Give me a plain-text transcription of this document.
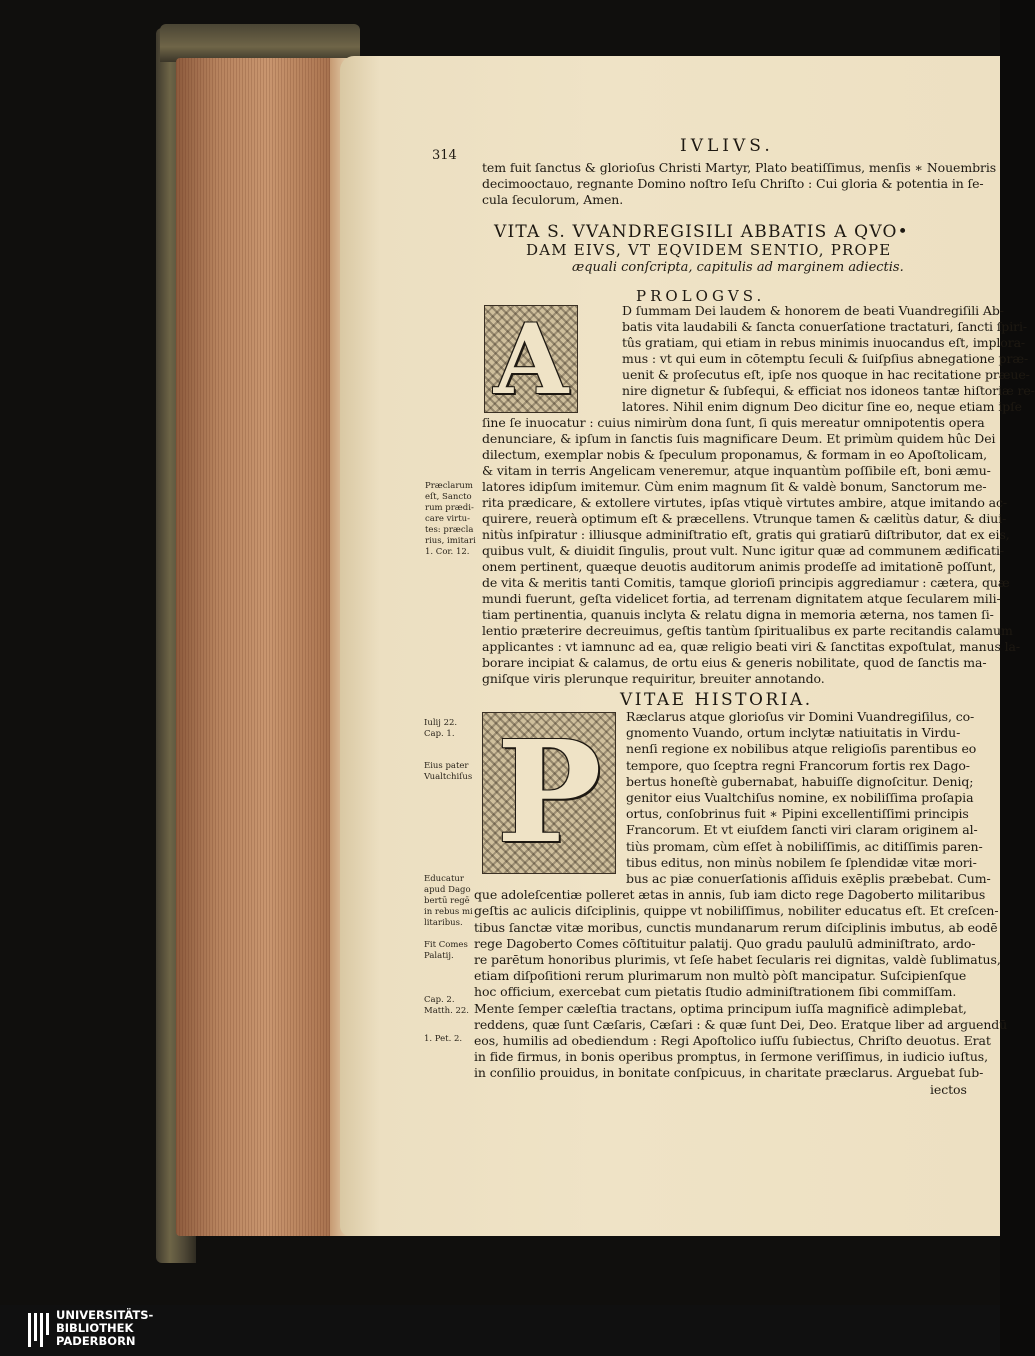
314	IVLIVS.
tem fuit ſanctus & glorioſus Christi Martyr, Plato beatiſſimus, menſis ∗ Nouembris
decimooctauo, regnante Domino noſtro Ieſu Chriſto : Cui gloria & potentia in ſe-
cula ſeculorum, Amen.
VITA S. VVANDREGISILI ABBATIS A QVO•
DAM EIVS, VT EQVIDEM SENTIO, PROPE
æquali conſcripta, capitulis ad marginem adiectis.
PROLOGVS.
A	D ſummam Dei laudem & honorem de beati Vuandregiſili Ab-
batis vita laudabili & ſancta conuerſatione tractaturi, ſancti ſpiri-
tûs gratiam, qui etiam in rebus minimis inuocandus eſt, implora-
mus : vt qui eum in cōtemptu ſeculi & ſuiſpſius abnegatione præ-
uenit & proſecutus eſt, ipſe nos quoque in hac recitatione præue-
nire dignetur & ſubſequi, & efficiat nos idoneos tantæ hiſtoriæ re-
latores. Nihil enim dignum Deo dicitur ſine eo, neque etiam ipſe
ſine ſe inuocatur : cuius nimirùm dona ſunt, ſi quis mereatur omnipotentis opera
denunciare, & ipſum in ſanctis ſuis magnificare Deum. Et primùm quidem hûc Dei
dilectum, exemplar nobis & ſpeculum proponamus, & formam in eo Apoſtolicam,
& vitam in terris Angelicam veneremur, atque inquantùm poſſibile eſt, boni æmu-
latores idipſum imitemur. Cùm enim magnum ſit & valdè bonum, Sanctorum me-
rita prædicare, & extollere virtutes, ipſas vtiquè virtutes ambire, atque imitando ac-
quirere, reuerà optimum eſt & præcellens. Vtrunque tamen & cælitùs datur, & diui-
nitùs inſpiratur : illiusque adminiſtratio eſt, gratis qui gratiarū diſtributor, dat ex eis,
quibus vult, & diuidit ſingulis, prout vult. Nunc igitur quæ ad communem ædificati-
onem pertinent, quæque deuotis auditorum animis prodeſſe ad imitationē poſſunt,
de vita & meritis tanti Comitis, tamque glorioſi principis aggrediamur : cætera, quæ
mundi fuerunt, geſta videlicet fortia, ad terrenam dignitatem atque ſecularem mili-
tiam pertinentia, quanuis inclyta & relatu digna in memoria æterna, nos tamen ſi-
lentio præterire decreuimus, geſtis tantùm ſpiritualibus ex parte recitandis calamum
applicantes : vt iamnunc ad ea, quæ religio beati viri & ſanctitas expoſtulat, manus la-
borare incipiat & calamus, de ortu eius & generis nobilitate, quod de ſanctis ma-
gniſque viris plerunque requiritur, breuiter annotando.
Præclarum
eſt, Sancto
rum prædi-
care virtu-
tes: præcla
rius, imitari
1. Cor. 12.
VITAE HISTORIA.
P Ræclarus atque glorioſus vir Domini Vuandregiſilus, co-
gnomento Vuando, ortum inclytæ natiuitatis in Virdu-
nenſi regione ex nobilibus atque religioſis parentibus eo
tempore, quo ſceptra regni Francorum fortis rex Dago-
bertus honeſtè gubernabat, habuiſſe dignoſcitur. Deniq;
genitor eius Vualtchiſus nomine, ex nobiliſſima proſapia
ortus, conſobrinus fuit ∗ Pipini excellentiſſimi principis
Francorum. Et vt eiuſdem ſancti viri claram originem al-
tiùs promam, cùm eſſet à nobiliſſimis, ac ditiſſimis paren-
tibus editus, non minùs nobilem ſe ſplendidæ vitæ mori-
bus ac piæ conuerſationis aſſiduis exēplis præbebat. Cum-
que adoleſcentiæ polleret ætas in annis, ſub iam dicto rege Dagoberto militaribus
geſtis ac aulicis diſciplinis, quippe vt nobiliſſimus, nobiliter educatus eſt. Et creſcen-
tibus ſanctæ vitæ moribus, cunctis mundanarum rerum diſciplinis imbutus, ab eodē
rege Dagoberto Comes cōſtituitur palatij. Quo gradu paululū adminiſtrato, ardo-
re parētum honoribus plurimis, vt ſeſe habet ſecularis rei dignitas, valdè ſublimatus,
etiam diſpoſitioni rerum plurimarum non multò pòſt mancipatur. Suſcipienſque
hoc officium, exercebat cum pietatis ſtudio adminiſtrationem ſibi commiſſam.
Mente ſemper cæleſtia tractans, optima principum iuſſa magnificè adimplebat,
reddens, quæ ſunt Cæſaris, Cæſari : & quæ ſunt Dei, Deo. Eratque liber ad arguendū
eos, humilis ad obediendum : Regi Apoſtolico iuſſu ſubiectus, Chriſto deuotus. Erat
in fide firmus, in bonis operibus promptus, in ſermone veriſſimus, in iudicio iuſtus,
in conſilio prouidus, in bonitate conſpicuus, in charitate præclarus. Arguebat ſub-
iectos
Iulij 22.
Cap. 1.
Eius pater
Vualtchiſus
Educatur
apud Dago
bertū regē
in rebus mi
litaribus.
Fit Comes
Palatij.
Cap. 2.
Matth. 22.
1. Pet. 2.
UNIVERSITÄTS-
BIBLIOTHEK
PADERBORN
